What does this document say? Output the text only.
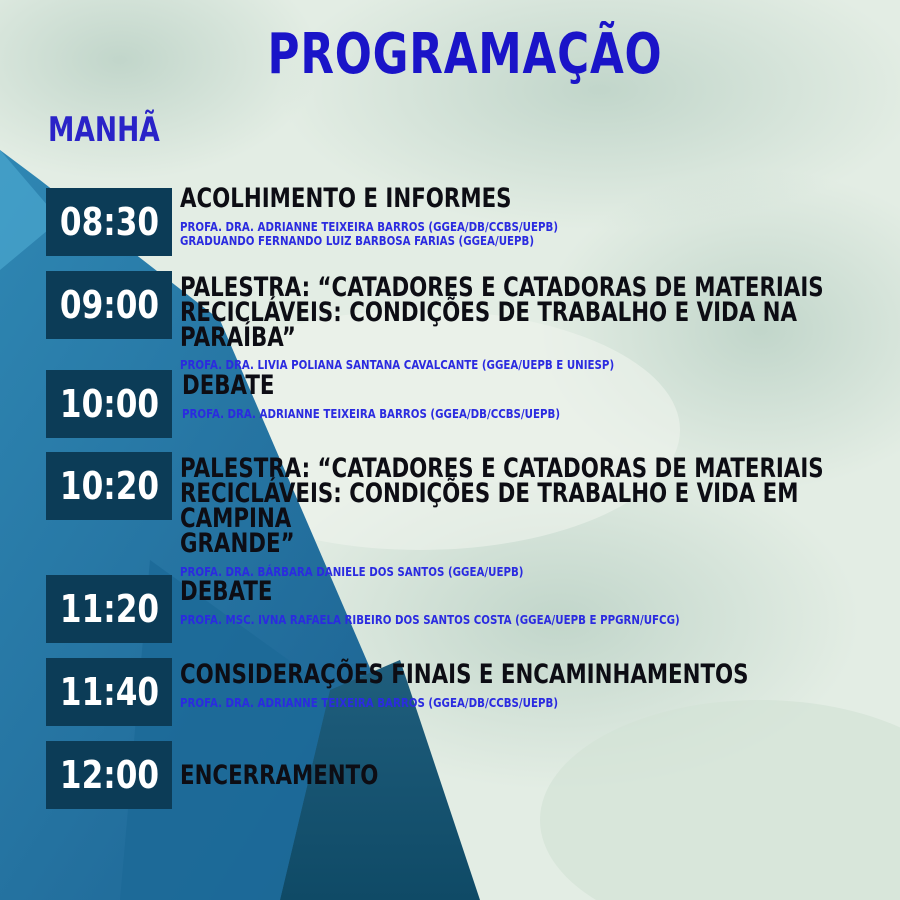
PROGRAMAÇÃO
MANHÃ
08:30
ACOLHIMENTO E INFORMES
PROFA. DRA. ADRIANNE TEIXEIRA BARROS (GGEA/DB/CCBS/UEPB)
GRADUANDO FERNANDO LUIZ BARBOSA FARIAS (GGEA/UEPB)
09:00 PALESTRA: “CATADORES E CATADORAS DE MATERIAIS
RECICLÁVEIS: CONDIÇÕES DE TRABALHO E VIDA NA PARAÍBA”
PROFA. DRA. LIVIA POLIANA SANTANA CAVALCANTE (GGEA/UEPB E UNIESP)
10:00 DEBATE
PROFA. DRA. ADRIANNE TEIXEIRA BARROS (GGEA/DB/CCBS/UEPB)
10:20 PALESTRA: “CATADORES E CATADORAS DE MATERIAIS
RECICLÁVEIS: CONDIÇÕES DE TRABALHO E VIDA EM CAMPINA
GRANDE”
PROFA. DRA. BÁRBARA DANIELE DOS SANTOS (GGEA/UEPB)
11:20 DEBATE
PROFA. MSC. IVNA RAFAELA RIBEIRO DOS SANTOS COSTA (GGEA/UEPB E PPGRN/UFCG)
11:40 CONSIDERAÇÕES FINAIS E ENCAMINHAMENTOS
PROFA. DRA. ADRIANNE TEIXEIRA BARROS (GGEA/DB/CCBS/UEPB)
12:00 ENCERRAMENTO
